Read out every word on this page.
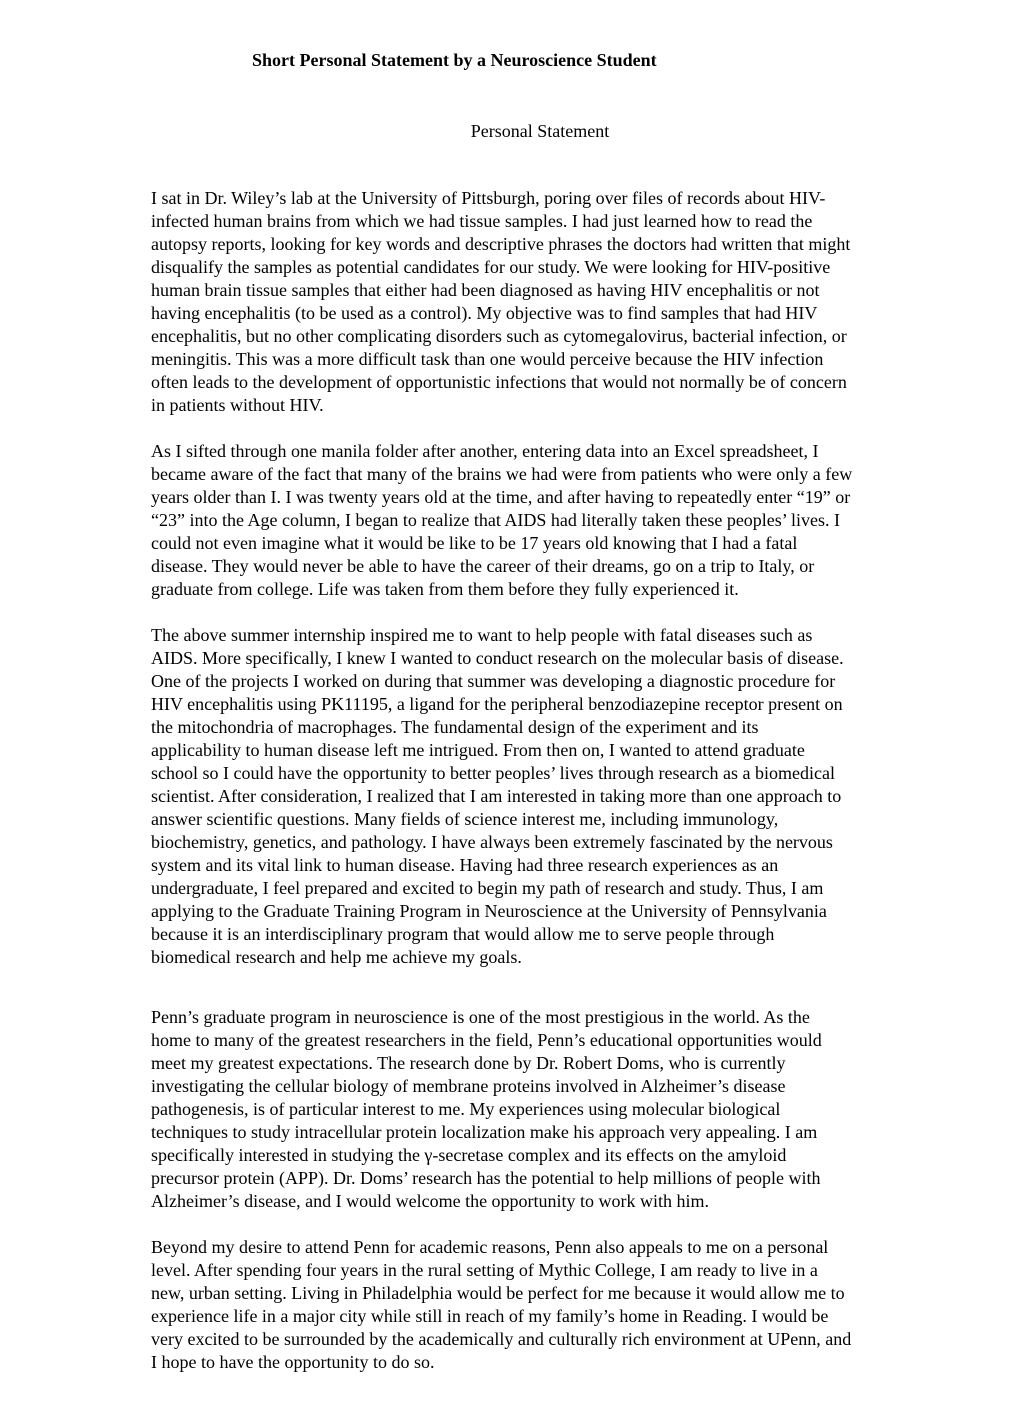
Short Personal Statement by a Neuroscience Student
Personal Statement
I sat in Dr. Wiley’s lab at the University of Pittsburgh, poring over files of records about HIV-
infected human brains from which we had tissue samples. I had just learned how to read the
autopsy reports, looking for key words and descriptive phrases the doctors had written that might
disqualify the samples as potential candidates for our study. We were looking for HIV-positive
human brain tissue samples that either had been diagnosed as having HIV encephalitis or not
having encephalitis (to be used as a control). My objective was to find samples that had HIV
encephalitis, but no other complicating disorders such as cytomegalovirus, bacterial infection, or
meningitis. This was a more difficult task than one would perceive because the HIV infection
often leads to the development of opportunistic infections that would not normally be of concern
in patients without HIV.
As I sifted through one manila folder after another, entering data into an Excel spreadsheet, I
became aware of the fact that many of the brains we had were from patients who were only a few
years older than I. I was twenty years old at the time, and after having to repeatedly enter “19” or
“23” into the Age column, I began to realize that AIDS had literally taken these peoples’ lives. I
could not even imagine what it would be like to be 17 years old knowing that I had a fatal
disease. They would never be able to have the career of their dreams, go on a trip to Italy, or
graduate from college. Life was taken from them before they fully experienced it.
The above summer internship inspired me to want to help people with fatal diseases such as
AIDS. More specifically, I knew I wanted to conduct research on the molecular basis of disease.
One of the projects I worked on during that summer was developing a diagnostic procedure for
HIV encephalitis using PK11195, a ligand for the peripheral benzodiazepine receptor present on
the mitochondria of macrophages. The fundamental design of the experiment and its
applicability to human disease left me intrigued. From then on, I wanted to attend graduate
school so I could have the opportunity to better peoples’ lives through research as a biomedical
scientist. After consideration, I realized that I am interested in taking more than one approach to
answer scientific questions. Many fields of science interest me, including immunology,
biochemistry, genetics, and pathology. I have always been extremely fascinated by the nervous
system and its vital link to human disease. Having had three research experiences as an
undergraduate, I feel prepared and excited to begin my path of research and study. Thus, I am
applying to the Graduate Training Program in Neuroscience at the University of Pennsylvania
because it is an interdisciplinary program that would allow me to serve people through
biomedical research and help me achieve my goals.
Penn’s graduate program in neuroscience is one of the most prestigious in the world. As the
home to many of the greatest researchers in the field, Penn’s educational opportunities would
meet my greatest expectations. The research done by Dr. Robert Doms, who is currently
investigating the cellular biology of membrane proteins involved in Alzheimer’s disease
pathogenesis, is of particular interest to me. My experiences using molecular biological
techniques to study intracellular protein localization make his approach very appealing. I am
specifically interested in studying the γ-secretase complex and its effects on the amyloid
precursor protein (APP). Dr. Doms’ research has the potential to help millions of people with
Alzheimer’s disease, and I would welcome the opportunity to work with him.
Beyond my desire to attend Penn for academic reasons, Penn also appeals to me on a personal
level. After spending four years in the rural setting of Mythic College, I am ready to live in a
new, urban setting. Living in Philadelphia would be perfect for me because it would allow me to
experience life in a major city while still in reach of my family’s home in Reading. I would be
very excited to be surrounded by the academically and culturally rich environment at UPenn, and
I hope to have the opportunity to do so.
